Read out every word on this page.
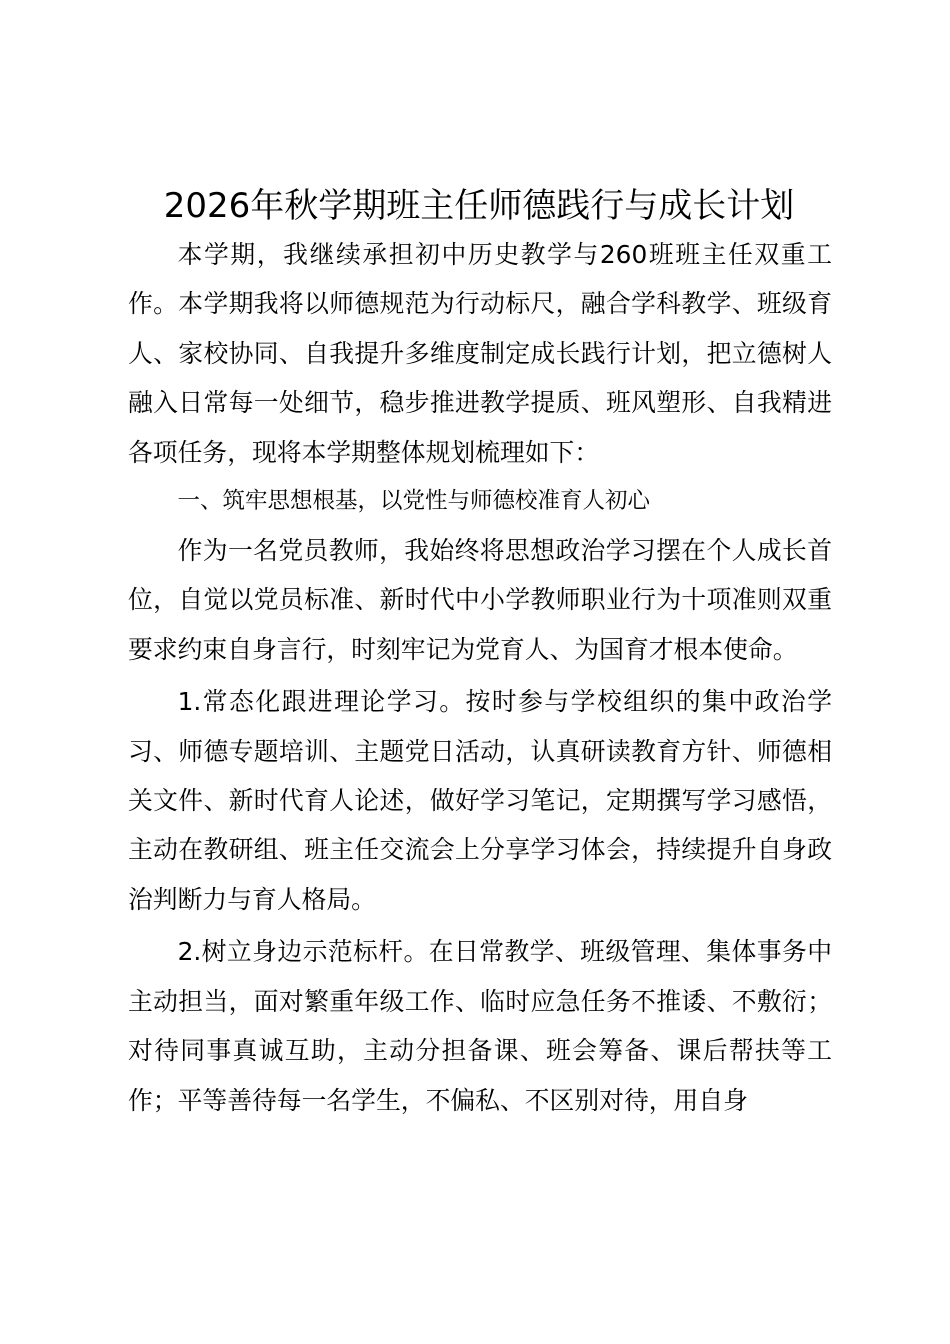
2026年秋学期班主任师德践行与成长计划

本学期，我继续承担初中历史教学与260班班主任双重工作。本学期我将以师德规范为行动标尺，融合学科教学、班级育人、家校协同、自我提升多维度制定成长践行计划，把立德树人融入日常每一处细节，稳步推进教学提质、班风塑形、自我精进各项任务，现将本学期整体规划梳理如下：

一、筑牢思想根基，以党性与师德校准育人初心

作为一名党员教师，我始终将思想政治学习摆在个人成长首位，自觉以党员标准、新时代中小学教师职业行为十项准则双重要求约束自身言行，时刻牢记为党育人、为国育才根本使命。

1.常态化跟进理论学习。按时参与学校组织的集中政治学习、师德专题培训、主题党日活动，认真研读教育方针、师德相关文件、新时代育人论述，做好学习笔记，定期撰写学习感悟，主动在教研组、班主任交流会上分享学习体会，持续提升自身政治判断力与育人格局。

2.树立身边示范标杆。在日常教学、班级管理、集体事务中主动担当，面对繁重年级工作、临时应急任务不推诿、不敷衍；对待同事真诚互助，主动分担备课、班会筹备、课后帮扶等工作；平等善待每一名学生，不偏私、不区别对待，用自身
